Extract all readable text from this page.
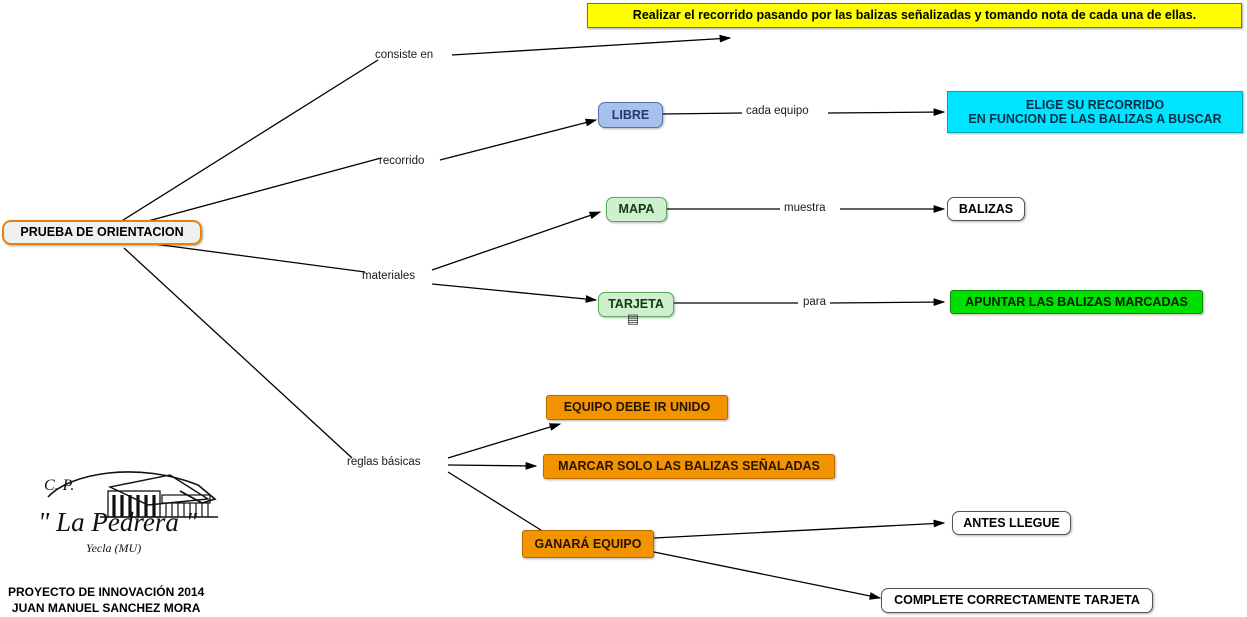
PRUEBA DE ORIENTACION
Realizar el recorrido pasando por las balizas señalizadas y tomando nota de cada una de ellas.
LIBRE
ELIGE SU RECORRIDO
EN FUNCION DE LAS BALIZAS A BUSCAR
MAPA	BALIZAS
TARJETA
▤
APUNTAR LAS BALIZAS MARCADAS
EQUIPO DEBE IR UNIDO
MARCAR SOLO LAS BALIZAS SEÑALADAS
GANARÁ EQUIPO
ANTES LLEGUE
COMPLETE CORRECTAMENTE TARJETA
consiste en
recorrido
materiales
reglas básicas
cada equipo
muestra
para
C. P.
" La Pedrera "
Yecla (MU)
PROYECTO DE INNOVACIÓN 2014
JUAN MANUEL SANCHEZ MORA
